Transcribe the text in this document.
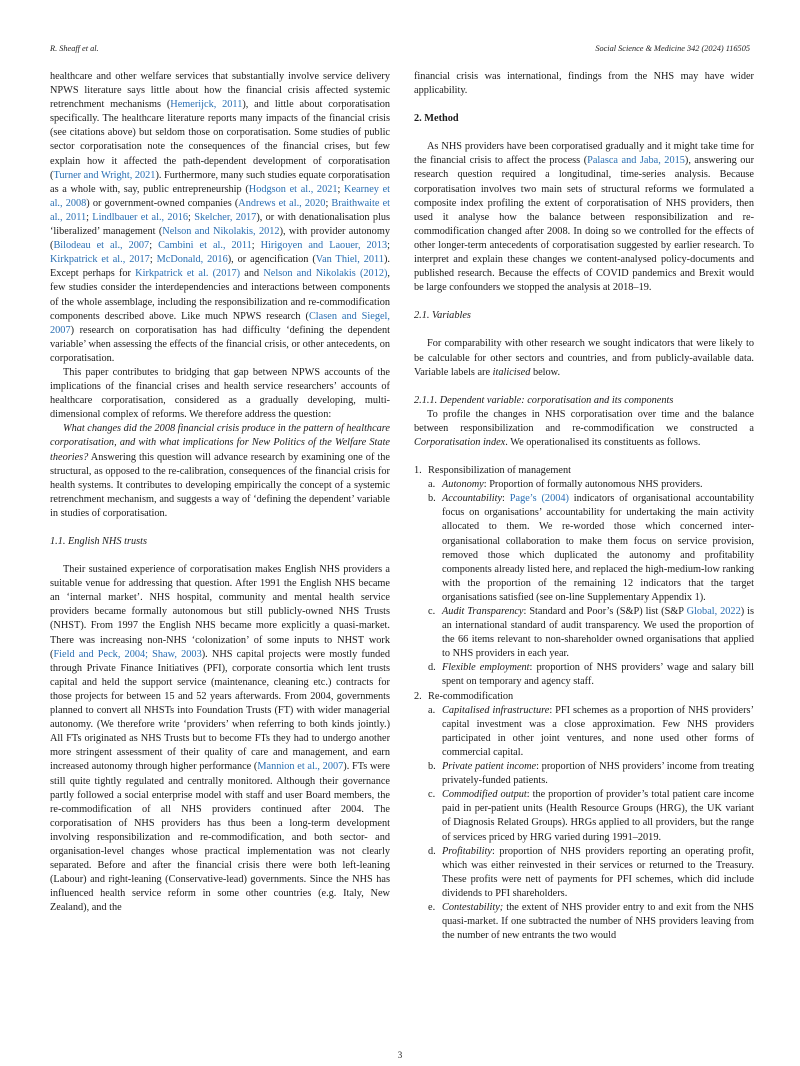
R. Sheaff et al.	Social Science & Medicine 342 (2024) 116505

healthcare and other welfare services that substantially involve service delivery NPWS literature says little about how the financial crisis affected systemic retrenchment mechanisms (Hemerijck, 2011), and little about corporatisation specifically. The healthcare literature reports many impacts of the financial crisis (see citations above) but seldom those on corporatisation. Some studies of public sector corporatisation note the consequences of the financial crises, but few explain how it affected the path-dependent development of corporatisation (Turner and Wright, 2021). Furthermore, many such studies equate corporatisation as a whole with, say, public entrepreneurship (Hodgson et al., 2021; Kearney et al., 2008) or government-owned companies (Andrews et al., 2020; Braithwaite et al., 2011; Lindlbauer et al., 2016; Skelcher, 2017), or with denationalisation plus ‘liberalized’ management (Nelson and Nikolakis, 2012), with provider autonomy (Bilodeau et al., 2007; Cambini et al., 2011; Hirigoyen and Laouer, 2013; Kirkpatrick et al., 2017; McDonald, 2016), or agencification (Van Thiel, 2011). Except perhaps for Kirkpatrick et al. (2017) and Nelson and Nikolakis (2012), few studies consider the interdependencies and interactions between components of the whole assemblage, including the responsibilization and re-commodification components described above. Like much NPWS research (Clasen and Siegel, 2007) research on corporatisation has had difficulty ‘defining the dependent variable’ when assessing the effects of the financial crisis, or other antecedents, on corporatisation.

This paper contributes to bridging that gap between NPWS accounts of the implications of the financial crises and health service researchers’ accounts of healthcare corporatisation, considered as a gradually developing, multi-dimensional complex of reforms. We therefore address the question:

What changes did the 2008 financial crisis produce in the pattern of healthcare corporatisation, and with what implications for New Politics of the Welfare State theories? Answering this question will advance research by examining one of the structural, as opposed to the re-calibration, consequences of the financial crisis for health systems. It contributes to developing empirically the concept of a systemic retrenchment mechanism, and suggests a way of ‘defining the dependent’ variable in studies of corporatisation.

1.1. English NHS trusts

Their sustained experience of corporatisation makes English NHS providers a suitable venue for addressing that question. After 1991 the English NHS became an ‘internal market’. NHS hospital, community and mental health service providers became formally autonomous but still publicly-owned NHS Trusts (NHST). From 1997 the English NHS became more explicitly a quasi-market. There was increasing non-NHS ‘colonization’ of some inputs to NHST work (Field and Peck, 2004; Shaw, 2003). NHS capital projects were mostly funded through Private Finance Initiatives (PFI), corporate consortia which lent trusts capital and held the support service (maintenance, cleaning etc.) contracts for those projects for between 15 and 52 years afterwards. From 2004, governments planned to convert all NHSTs into Foundation Trusts (FT) with wider managerial autonomy. (We therefore write ‘providers’ when referring to both kinds jointly.) All FTs originated as NHS Trusts but to become FTs they had to undergo another more stringent assessment of their quality of care and management, and earn increased autonomy through higher performance (Mannion et al., 2007). FTs were still quite tightly regulated and centrally monitored. Although their governance partly followed a social enterprise model with staff and user Board members, the re-commodification of all NHS providers continued after 2004. The corporatisation of NHS providers has thus been a long-term development involving responsibilization and re-commodification, and both sector- and organisation-level changes whose practical implementation was not clearly separated. Before and after the financial crisis there were both left-leaning (Labour) and right-leaning (Conservative-lead) governments. Since the NHS has influenced health service reform in some other countries (e.g. Italy, New Zealand), and the

financial crisis was international, findings from the NHS may have wider applicability.

2. Method

As NHS providers have been corporatised gradually and it might take time for the financial crisis to affect the process (Palasca and Jaba, 2015), answering our research question required a longitudinal, time-series analysis. Because corporatisation involves two main sets of structural reforms we formulated a composite index profiling the extent of corporatisation of NHS providers, then used it analyse how the balance between responsibilization and re-commodification changed after 2008. In doing so we controlled for the effects of other longer-term antecedents of corporatisation suggested by earlier research. To interpret and explain these changes we content-analysed policy-documents and published research. Because the effects of COVID pandemics and Brexit would be large confounders we stopped the analysis at 2018–19.

2.1. Variables

For comparability with other research we sought indicators that were likely to be calculable for other sectors and countries, and from publicly-available data. Variable labels are italicised below.

2.1.1. Dependent variable: corporatisation and its components

To profile the changes in NHS corporatisation over time and the balance between responsibilization and re-commodification we constructed a Corporatisation index. We operationalised its constituents as follows.

1. Responsibilization of management
a. Autonomy: Proportion of formally autonomous NHS providers.
b. Accountability: Page’s (2004) indicators of organisational accountability focus on organisations’ accountability for undertaking the main activity allocated to them. We re-worded those which concerned inter-organisational collaboration to make them focus on service provision, removed those which duplicated the autonomy and profitability components already listed here, and replaced the high-medium-low ranking with the proportion of the remaining 12 indicators that the target organisations satisfied (see on-line Supplementary Appendix 1).
c. Audit Transparency: Standard and Poor’s (S&P) list (S&P Global, 2022) is an international standard of audit transparency. We used the proportion of the 66 items relevant to non-shareholder owned organisations that applied to NHS providers in each year.
d. Flexible employment: proportion of NHS providers’ wage and salary bill spent on temporary and agency staff.
2. Re-commodification
a. Capitalised infrastructure: PFI schemes as a proportion of NHS providers’ capital investment was a close approximation. Few NHS providers participated in other joint ventures, and none used other forms of commercial capital.
b. Private patient income: proportion of NHS providers’ income from treating privately-funded patients.
c. Commodified output: the proportion of provider’s total patient care income paid in per-patient units (Health Resource Groups (HRG), the UK variant of Diagnosis Related Groups). HRGs applied to all providers, but the range of services priced by HRG varied during 1991–2019.
d. Profitability: proportion of NHS providers reporting an operating profit, which was either reinvested in their services or returned to the Treasury. These profits were nett of payments for PFI schemes, which did include dividends to PFI shareholders.
e. Contestability; the extent of NHS provider entry to and exit from the NHS quasi-market. If one subtracted the number of NHS providers leaving from the number of new entrants the two would
3
